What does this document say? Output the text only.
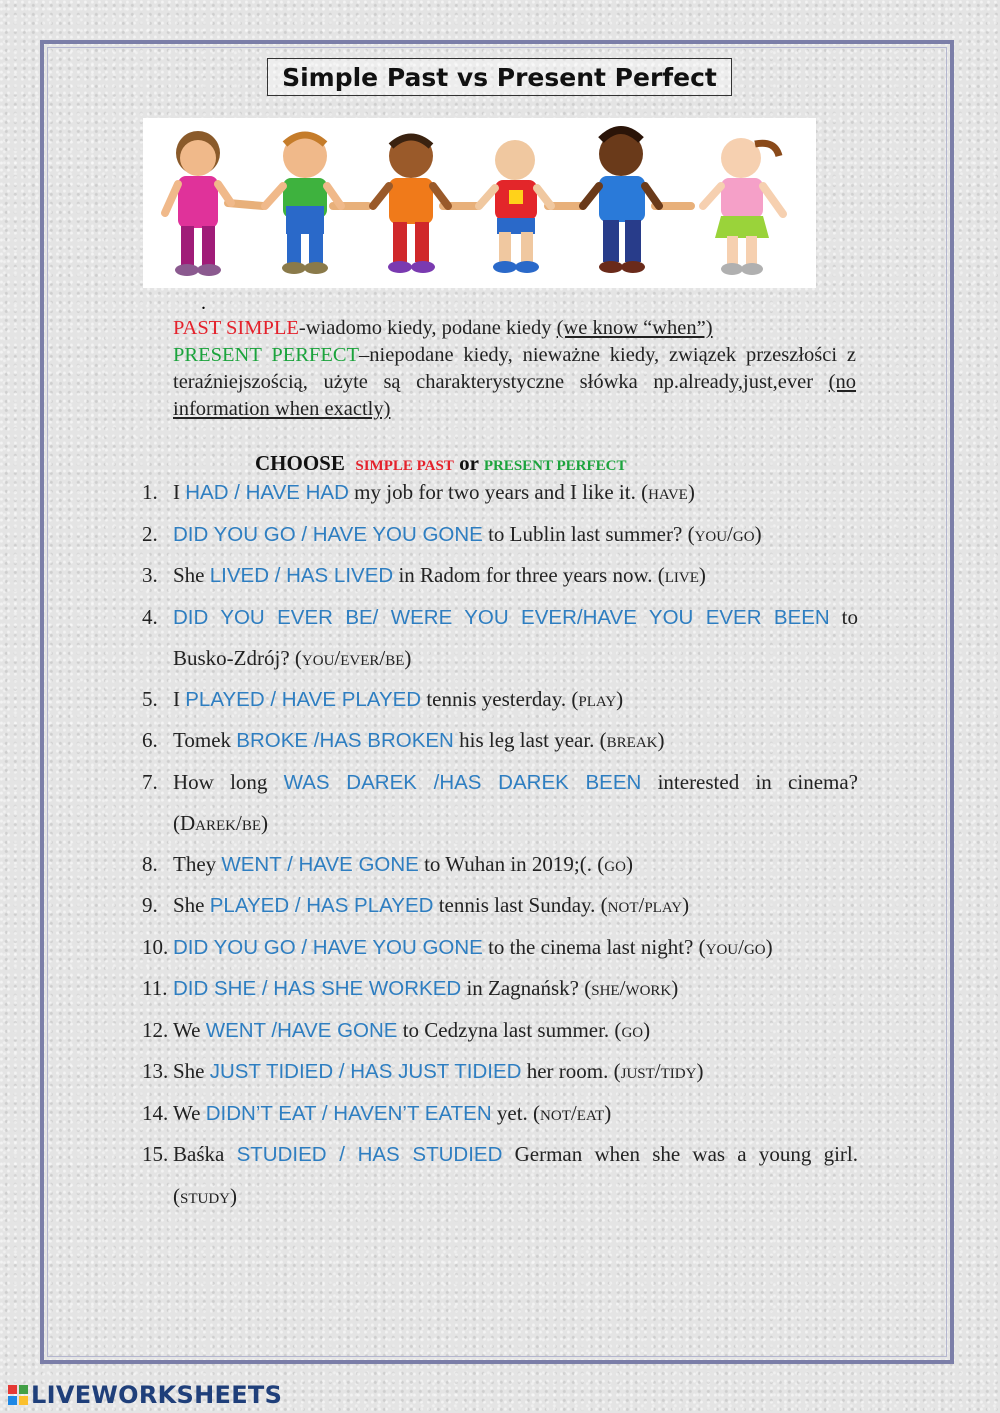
Simple Past vs Present Perfect
.
PAST SIMPLE-wiadomo kiedy, podane kiedy (we know “when”)
PRESENT PERFECT–niepodane kiedy, nieważne kiedy, związek przeszłości z teraźniejszością, użyte są charakterystyczne słówka np.already,just,ever (no information when exactly)
CHOOSE SIMPLE PAST or PRESENT PERFECT
1. I HAD / HAVE HAD my job for two years and I like it. (have)
2. DID YOU GO / HAVE YOU GONE to Lublin last summer? (you/go)
3. She LIVED / HAS LIVED in Radom for three years now. (live)
4. DID YOU EVER BE/ WERE YOU EVER/HAVE YOU EVER BEEN to
Busko-Zdrój? (you/ever/be)
5. I PLAYED / HAVE PLAYED tennis yesterday. (play)
6. Tomek BROKE /HAS BROKEN his leg last year. (break)
7. How long WAS DAREK /HAS DAREK BEEN interested in cinema?
(Darek/be)
8. They WENT / HAVE GONE to Wuhan in 2019;(. (go)
9. She PLAYED / HAS PLAYED tennis last Sunday. (not/play)
10. DID YOU GO / HAVE YOU GONE to the cinema last night? (you/go)
11. DID SHE / HAS SHE WORKED in Zagnańsk? (she/work)
12. We WENT /HAVE GONE to Cedzyna last summer. (go)
13. She JUST TIDIED / HAS JUST TIDIED her room. (just/tidy)
14. We DIDN’T EAT / HAVEN’T EATEN yet. (not/eat)
15. Baśka STUDIED / HAS STUDIED German when she was a young girl.
(study)
LIVEWORKSHEETS
